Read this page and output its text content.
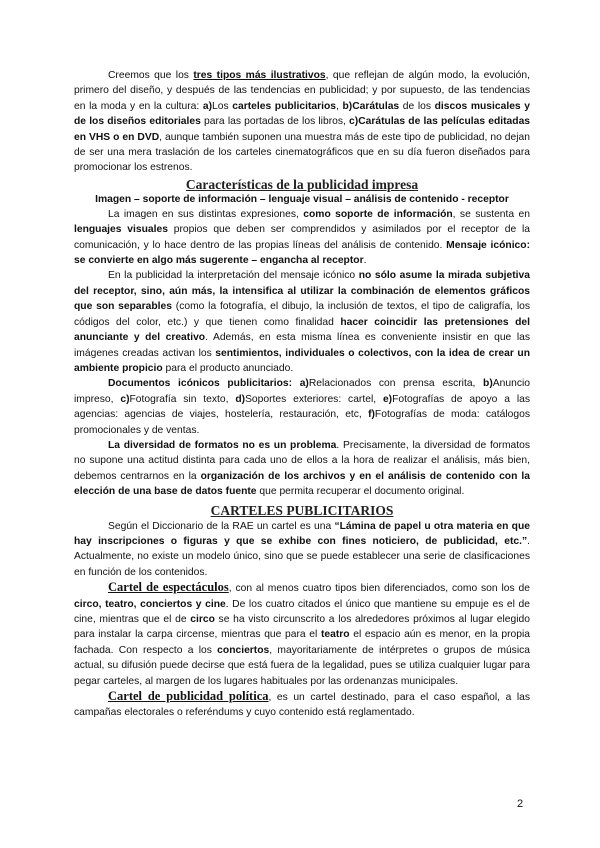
Creemos que los tres tipos más ilustrativos, que reflejan de algún modo, la evolución, primero del diseño, y después de las tendencias en publicidad; y por supuesto, de las tendencias en la moda y en la cultura: a)Los carteles publicitarios, b)Carátulas de los discos musicales y de los diseños editoriales para las portadas de los libros, c)Carátulas de las películas editadas en VHS o en DVD, aunque también suponen una muestra más de este tipo de publicidad, no dejan de ser una mera traslación de los carteles cinematográficos que en su día fueron diseñados para promocionar los estrenos.

Características de la publicidad impresa

Imagen – soporte de información – lenguaje visual – análisis de contenido - receptor

La imagen en sus distintas expresiones, como soporte de información, se sustenta en lenguajes visuales propios que deben ser comprendidos y asimilados por el receptor de la comunicación, y lo hace dentro de las propias líneas del análisis de contenido. Mensaje icónico: se convierte en algo más sugerente – engancha al receptor.

En la publicidad la interpretación del mensaje icónico no sólo asume la mirada subjetiva del receptor, sino, aún más, la intensifica al utilizar la combinación de elementos gráficos que son separables (como la fotografía, el dibujo, la inclusión de textos, el tipo de caligrafía, los códigos del color, etc.) y que tienen como finalidad hacer coincidir las pretensiones del anunciante y del creativo. Además, en esta misma línea es conveniente insistir en que las imágenes creadas activan los sentimientos, individuales o colectivos, con la idea de crear un ambiente propicio para el producto anunciado.

Documentos icónicos publicitarios: a)Relacionados con prensa escrita, b)Anuncio impreso, c)Fotografía sin texto, d)Soportes exteriores: cartel, e)Fotografías de apoyo a las agencias: agencias de viajes, hostelería, restauración, etc, f)Fotografías de moda: catálogos promocionales y de ventas.

La diversidad de formatos no es un problema. Precisamente, la diversidad de formatos no supone una actitud distinta para cada uno de ellos a la hora de realizar el análisis, más bien, debemos centrarnos en la organización de los archivos y en el análisis de contenido con la elección de una base de datos fuente que permita recuperar el documento original.

CARTELES PUBLICITARIOS

Según el Diccionario de la RAE un cartel es una “Lámina de papel u otra materia en que hay inscripciones o figuras y que se exhibe con fines noticiero, de publicidad, etc.”. Actualmente, no existe un modelo único, sino que se puede establecer una serie de clasificaciones en función de los contenidos.

Cartel de espectáculos, con al menos cuatro tipos bien diferenciados, como son los de circo, teatro, conciertos y cine. De los cuatro citados el único que mantiene su empuje es el de cine, mientras que el de circo se ha visto circunscrito a los alrededores próximos al lugar elegido para instalar la carpa circense, mientras que para el teatro el espacio aún es menor, en la propia fachada. Con respecto a los conciertos, mayoritariamente de intérpretes o grupos de música actual, su difusión puede decirse que está fuera de la legalidad, pues se utiliza cualquier lugar para pegar carteles, al margen de los lugares habituales por las ordenanzas municipales.

Cartel de publicidad política, es un cartel destinado, para el caso español, a las campañas electorales o referéndums y cuyo contenido está reglamentado.

2
